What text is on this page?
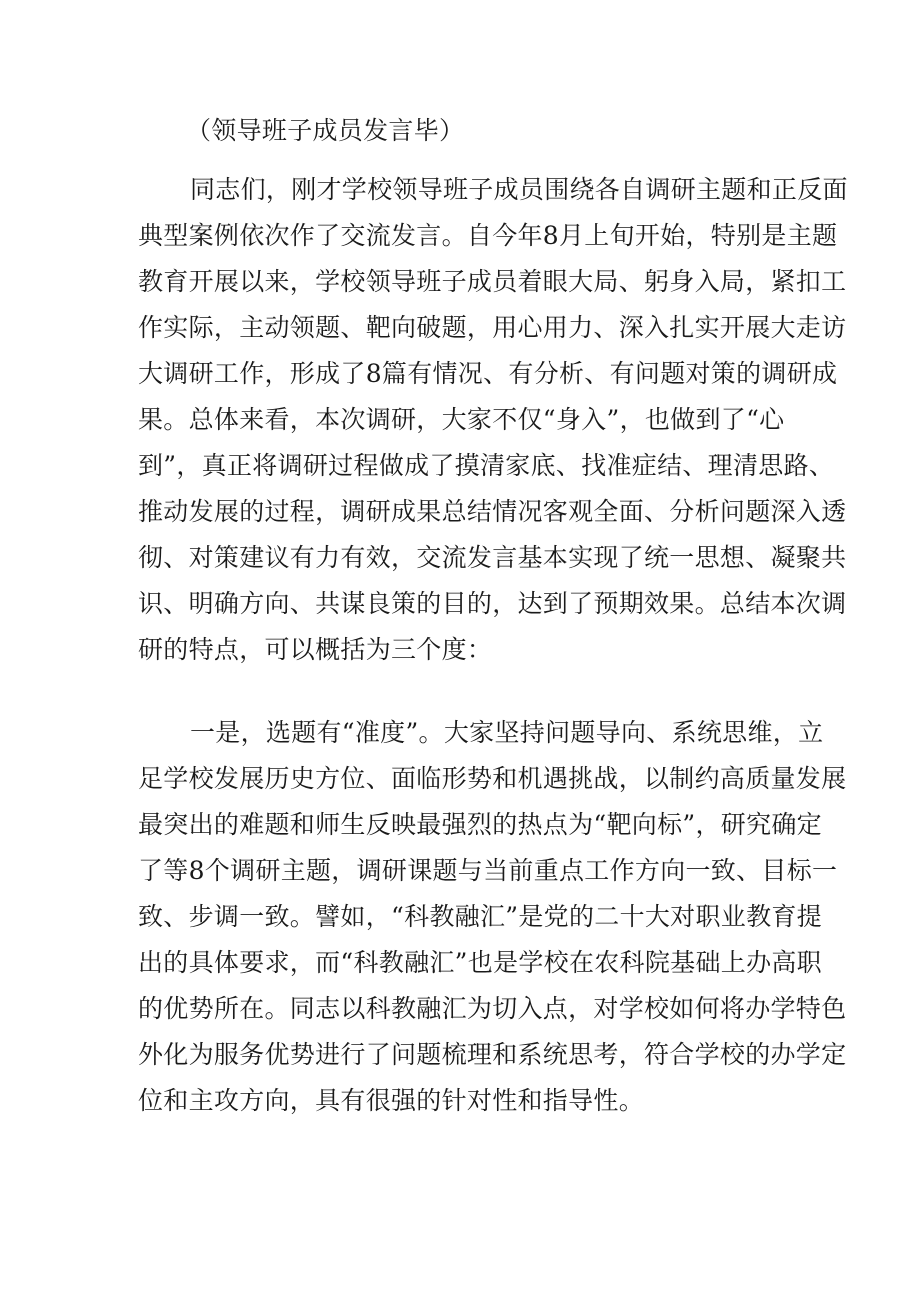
（领导班子成员发言毕）
同志们，刚才学校领导班子成员围绕各自调研主题和正反面
典型案例依次作了交流发言。自今年8月上旬开始，特别是主题
教育开展以来，学校领导班子成员着眼大局、躬身入局，紧扣工
作实际，主动领题、靶向破题，用心用力、深入扎实开展大走访
大调研工作，形成了8篇有情况、有分析、有问题对策的调研成
果。总体来看，本次调研，大家不仅“身入”，也做到了“心
到”，真正将调研过程做成了摸清家底、找准症结、理清思路、
推动发展的过程，调研成果总结情况客观全面、分析问题深入透
彻、对策建议有力有效，交流发言基本实现了统一思想、凝聚共
识、明确方向、共谋良策的目的，达到了预期效果。总结本次调
研的特点，可以概括为三个度：
一是，选题有“准度”。大家坚持问题导向、系统思维，立
足学校发展历史方位、面临形势和机遇挑战，以制约高质量发展
最突出的难题和师生反映最强烈的热点为“靶向标”，研究确定
了等8个调研主题，调研课题与当前重点工作方向一致、目标一
致、步调一致。譬如，“科教融汇”是党的二十大对职业教育提
出的具体要求，而“科教融汇”也是学校在农科院基础上办高职
的优势所在。同志以科教融汇为切入点，对学校如何将办学特色
外化为服务优势进行了问题梳理和系统思考，符合学校的办学定
位和主攻方向，具有很强的针对性和指导性。
